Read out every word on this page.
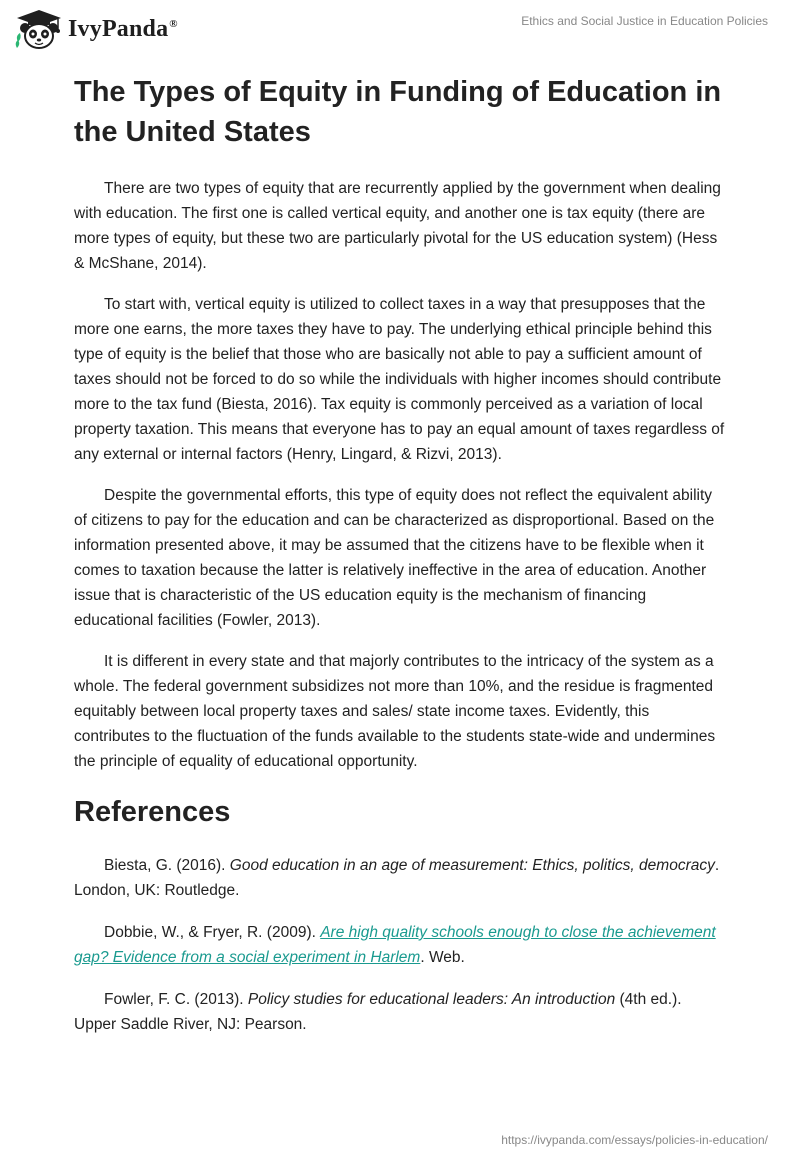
IvyPanda®	Ethics and Social Justice in Education Policies
The Types of Equity in Funding of Education in the United States

There are two types of equity that are recurrently applied by the government when dealing with education. The first one is called vertical equity, and another one is tax equity (there are more types of equity, but these two are particularly pivotal for the US education system) (Hess & McShane, 2014).

To start with, vertical equity is utilized to collect taxes in a way that presupposes that the more one earns, the more taxes they have to pay. The underlying ethical principle behind this type of equity is the belief that those who are basically not able to pay a sufficient amount of taxes should not be forced to do so while the individuals with higher incomes should contribute more to the tax fund (Biesta, 2016). Tax equity is commonly perceived as a variation of local property taxation. This means that everyone has to pay an equal amount of taxes regardless of any external or internal factors (Henry, Lingard, & Rizvi, 2013).

Despite the governmental efforts, this type of equity does not reflect the equivalent ability of citizens to pay for the education and can be characterized as disproportional. Based on the information presented above, it may be assumed that the citizens have to be flexible when it comes to taxation because the latter is relatively ineffective in the area of education. Another issue that is characteristic of the US education equity is the mechanism of financing educational facilities (Fowler, 2013).

It is different in every state and that majorly contributes to the intricacy of the system as a whole. The federal government subsidizes not more than 10%, and the residue is fragmented equitably between local property taxes and sales/ state income taxes. Evidently, this contributes to the fluctuation of the funds available to the students state-wide and undermines the principle of equality of educational opportunity.

References

Biesta, G. (2016). Good education in an age of measurement: Ethics, politics, democracy. London, UK: Routledge.

Dobbie, W., & Fryer, R. (2009). Are high quality schools enough to close the achievement gap? Evidence from a social experiment in Harlem. Web.

Fowler, F. C. (2013). Policy studies for educational leaders: An introduction (4th ed.). Upper Saddle River, NJ: Pearson.

https://ivypanda.com/essays/policies-in-education/
